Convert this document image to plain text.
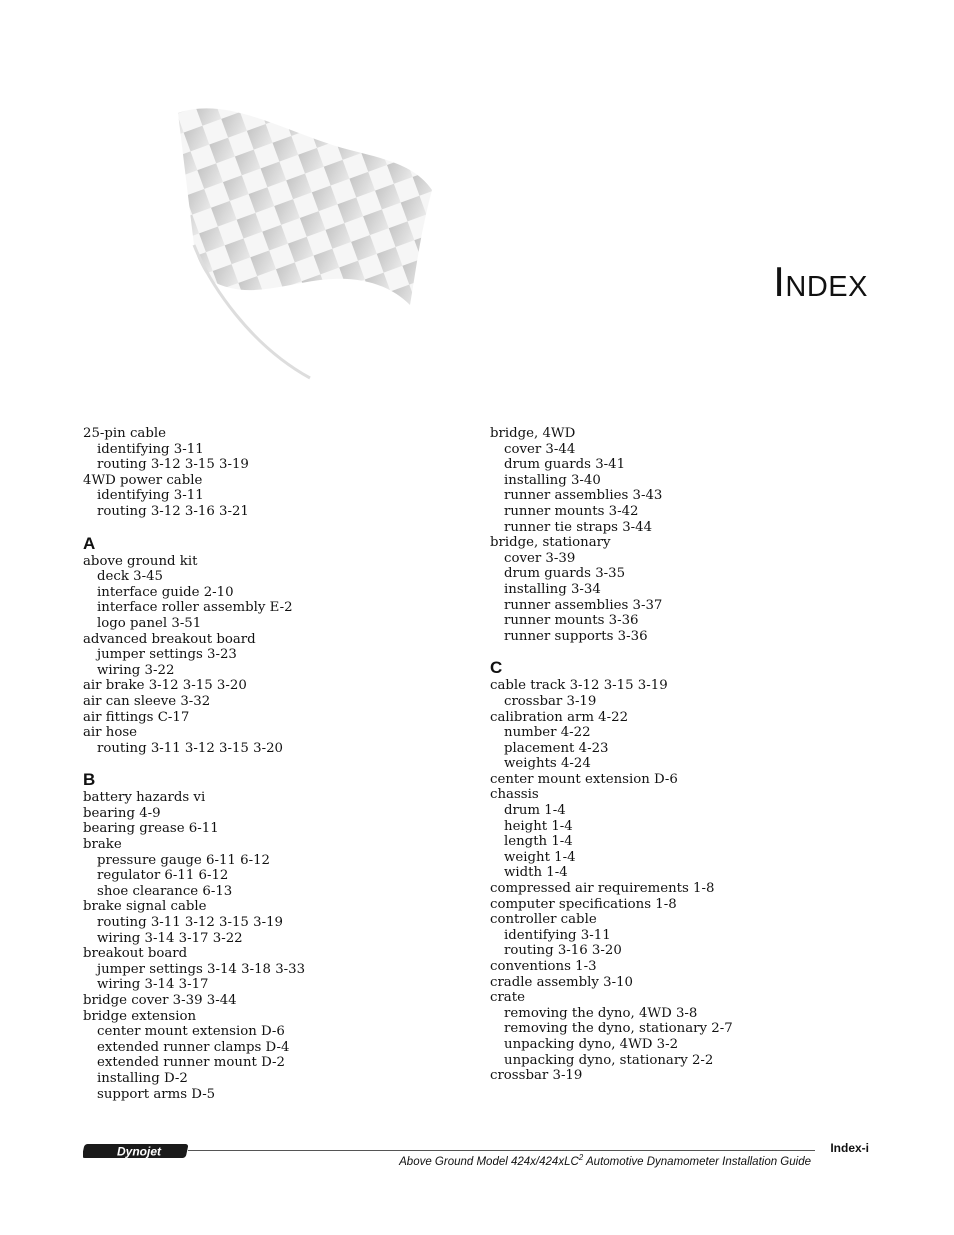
Index
25-pin cable
identifying 3-11
routing 3-12 3-15 3-19
4WD power cable
identifying 3-11
routing 3-12 3-16 3-21
A
above ground kit
deck 3-45
interface guide 2-10
interface roller assembly E-2
logo panel 3-51
advanced breakout board
jumper settings 3-23
wiring 3-22
air brake 3-12 3-15 3-20
air can sleeve 3-32
air fittings C-17
air hose
routing 3-11 3-12 3-15 3-20
B
battery hazards vi
bearing 4-9
bearing grease 6-11
brake
pressure gauge 6-11 6-12
regulator 6-11 6-12
shoe clearance 6-13
brake signal cable
routing 3-11 3-12 3-15 3-19
wiring 3-14 3-17 3-22
breakout board
jumper settings 3-14 3-18 3-33
wiring 3-14 3-17
bridge cover 3-39 3-44
bridge extension
center mount extension D-6
extended runner clamps D-4
extended runner mount D-2
installing D-2
support arms D-5
bridge, 4WD
cover 3-44
drum guards 3-41
installing 3-40
runner assemblies 3-43
runner mounts 3-42
runner tie straps 3-44
bridge, stationary
cover 3-39
drum guards 3-35
installing 3-34
runner assemblies 3-37
runner mounts 3-36
runner supports 3-36
C
cable track 3-12 3-15 3-19
crossbar 3-19
calibration arm 4-22
number 4-22
placement 4-23
weights 4-24
center mount extension D-6
chassis
drum 1-4
height 1-4
length 1-4
weight 1-4
width 1-4
compressed air requirements 1-8
computer specifications 1-8
controller cable
identifying 3-11
routing 3-16 3-20
conventions 1-3
cradle assembly 3-10
crate
removing the dyno, 4WD 3-8
removing the dyno, stationary 2-7
unpacking dyno, 4WD 3-2
unpacking dyno, stationary 2-2
crossbar 3-19
Dynojet	Index-i
Above Ground Model 424x/424xLC$^2$ Automotive Dynamometer Installation Guide
